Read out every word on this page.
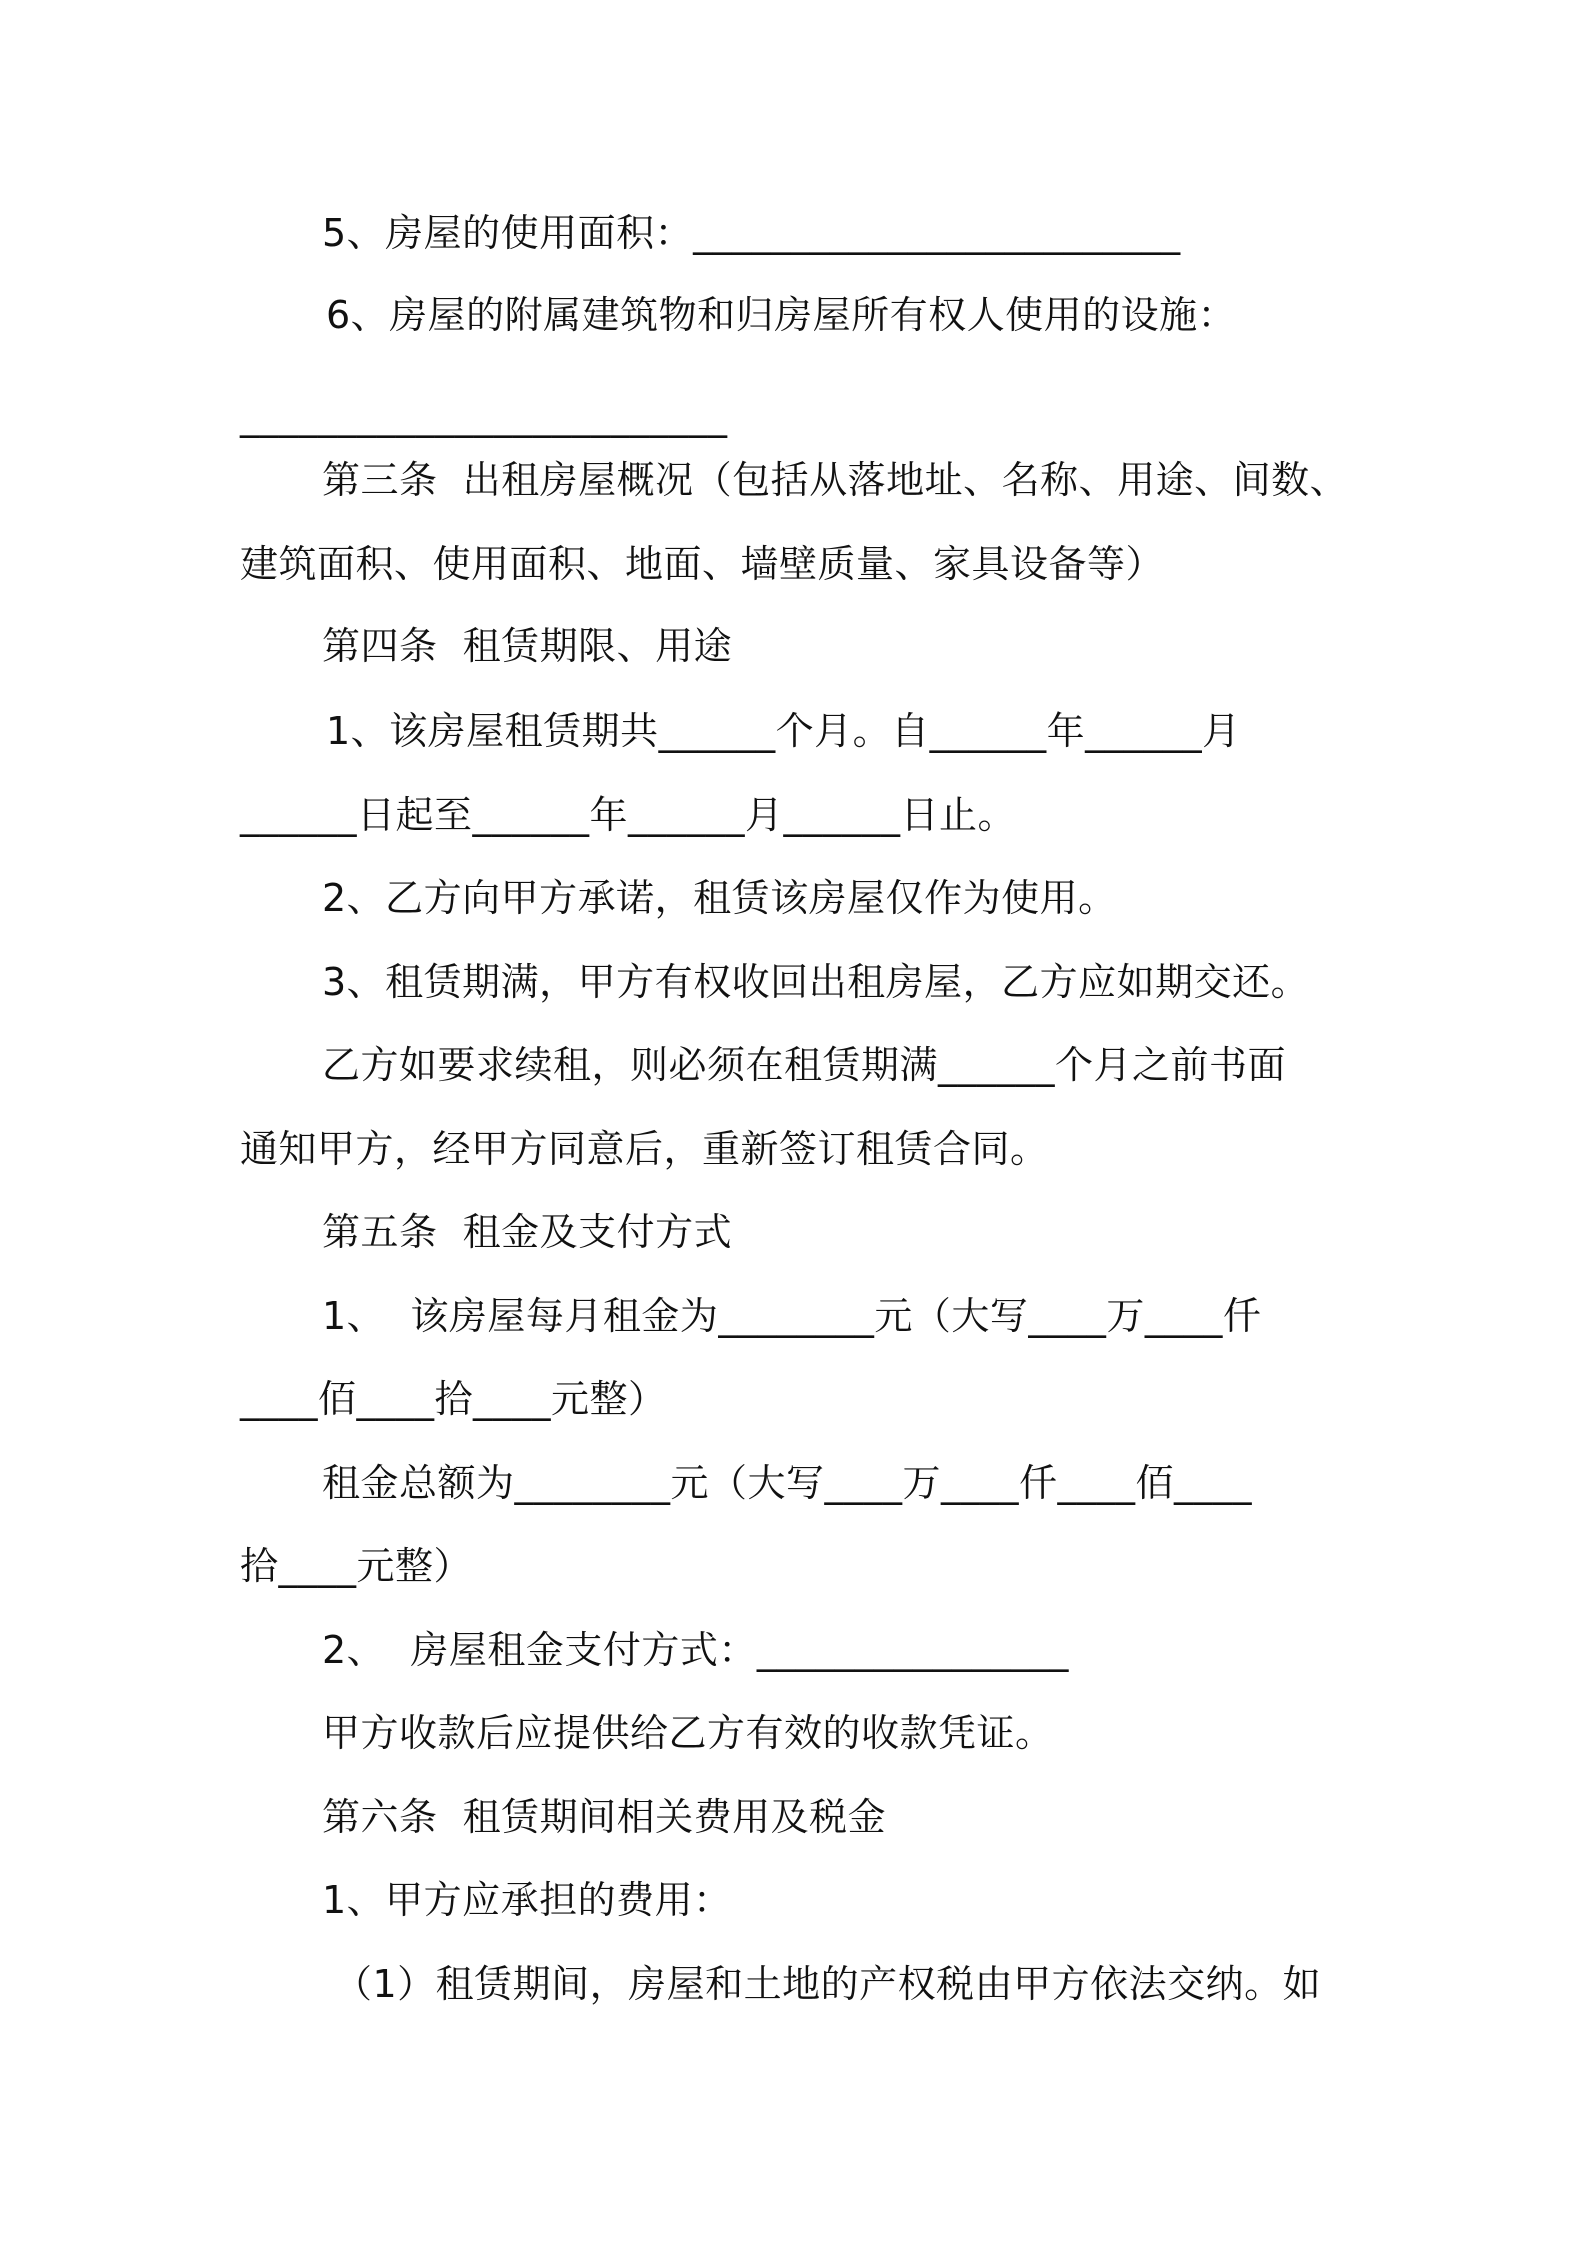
5、房屋的使用面积：_________________________

6、房屋的附属建筑物和归房屋所有权人使用的设施：

_________________________

第三条  出租房屋概况（包括从落地址、名称、用途、间数、

建筑面积、使用面积、地面、墙壁质量、家具设备等）

第四条  租赁期限、用途

1、该房屋租赁期共______个月。自______年______月

______日起至______年______月______日止。

2、乙方向甲方承诺，租赁该房屋仅作为使用。

3、租赁期满，甲方有权收回出租房屋，乙方应如期交还。

乙方如要求续租，则必须在租赁期满______个月之前书面

通知甲方，经甲方同意后，重新签订租赁合同。

第五条  租金及支付方式

1、  该房屋每月租金为________元（大写____万____仟

____佰____拾____元整）

租金总额为________元（大写____万____仟____佰____

拾____元整）

2、  房屋租金支付方式：________________

甲方收款后应提供给乙方有效的收款凭证。

第六条  租赁期间相关费用及税金

1、甲方应承担的费用：

（1）租赁期间，房屋和土地的产权税由甲方依法交纳。如
